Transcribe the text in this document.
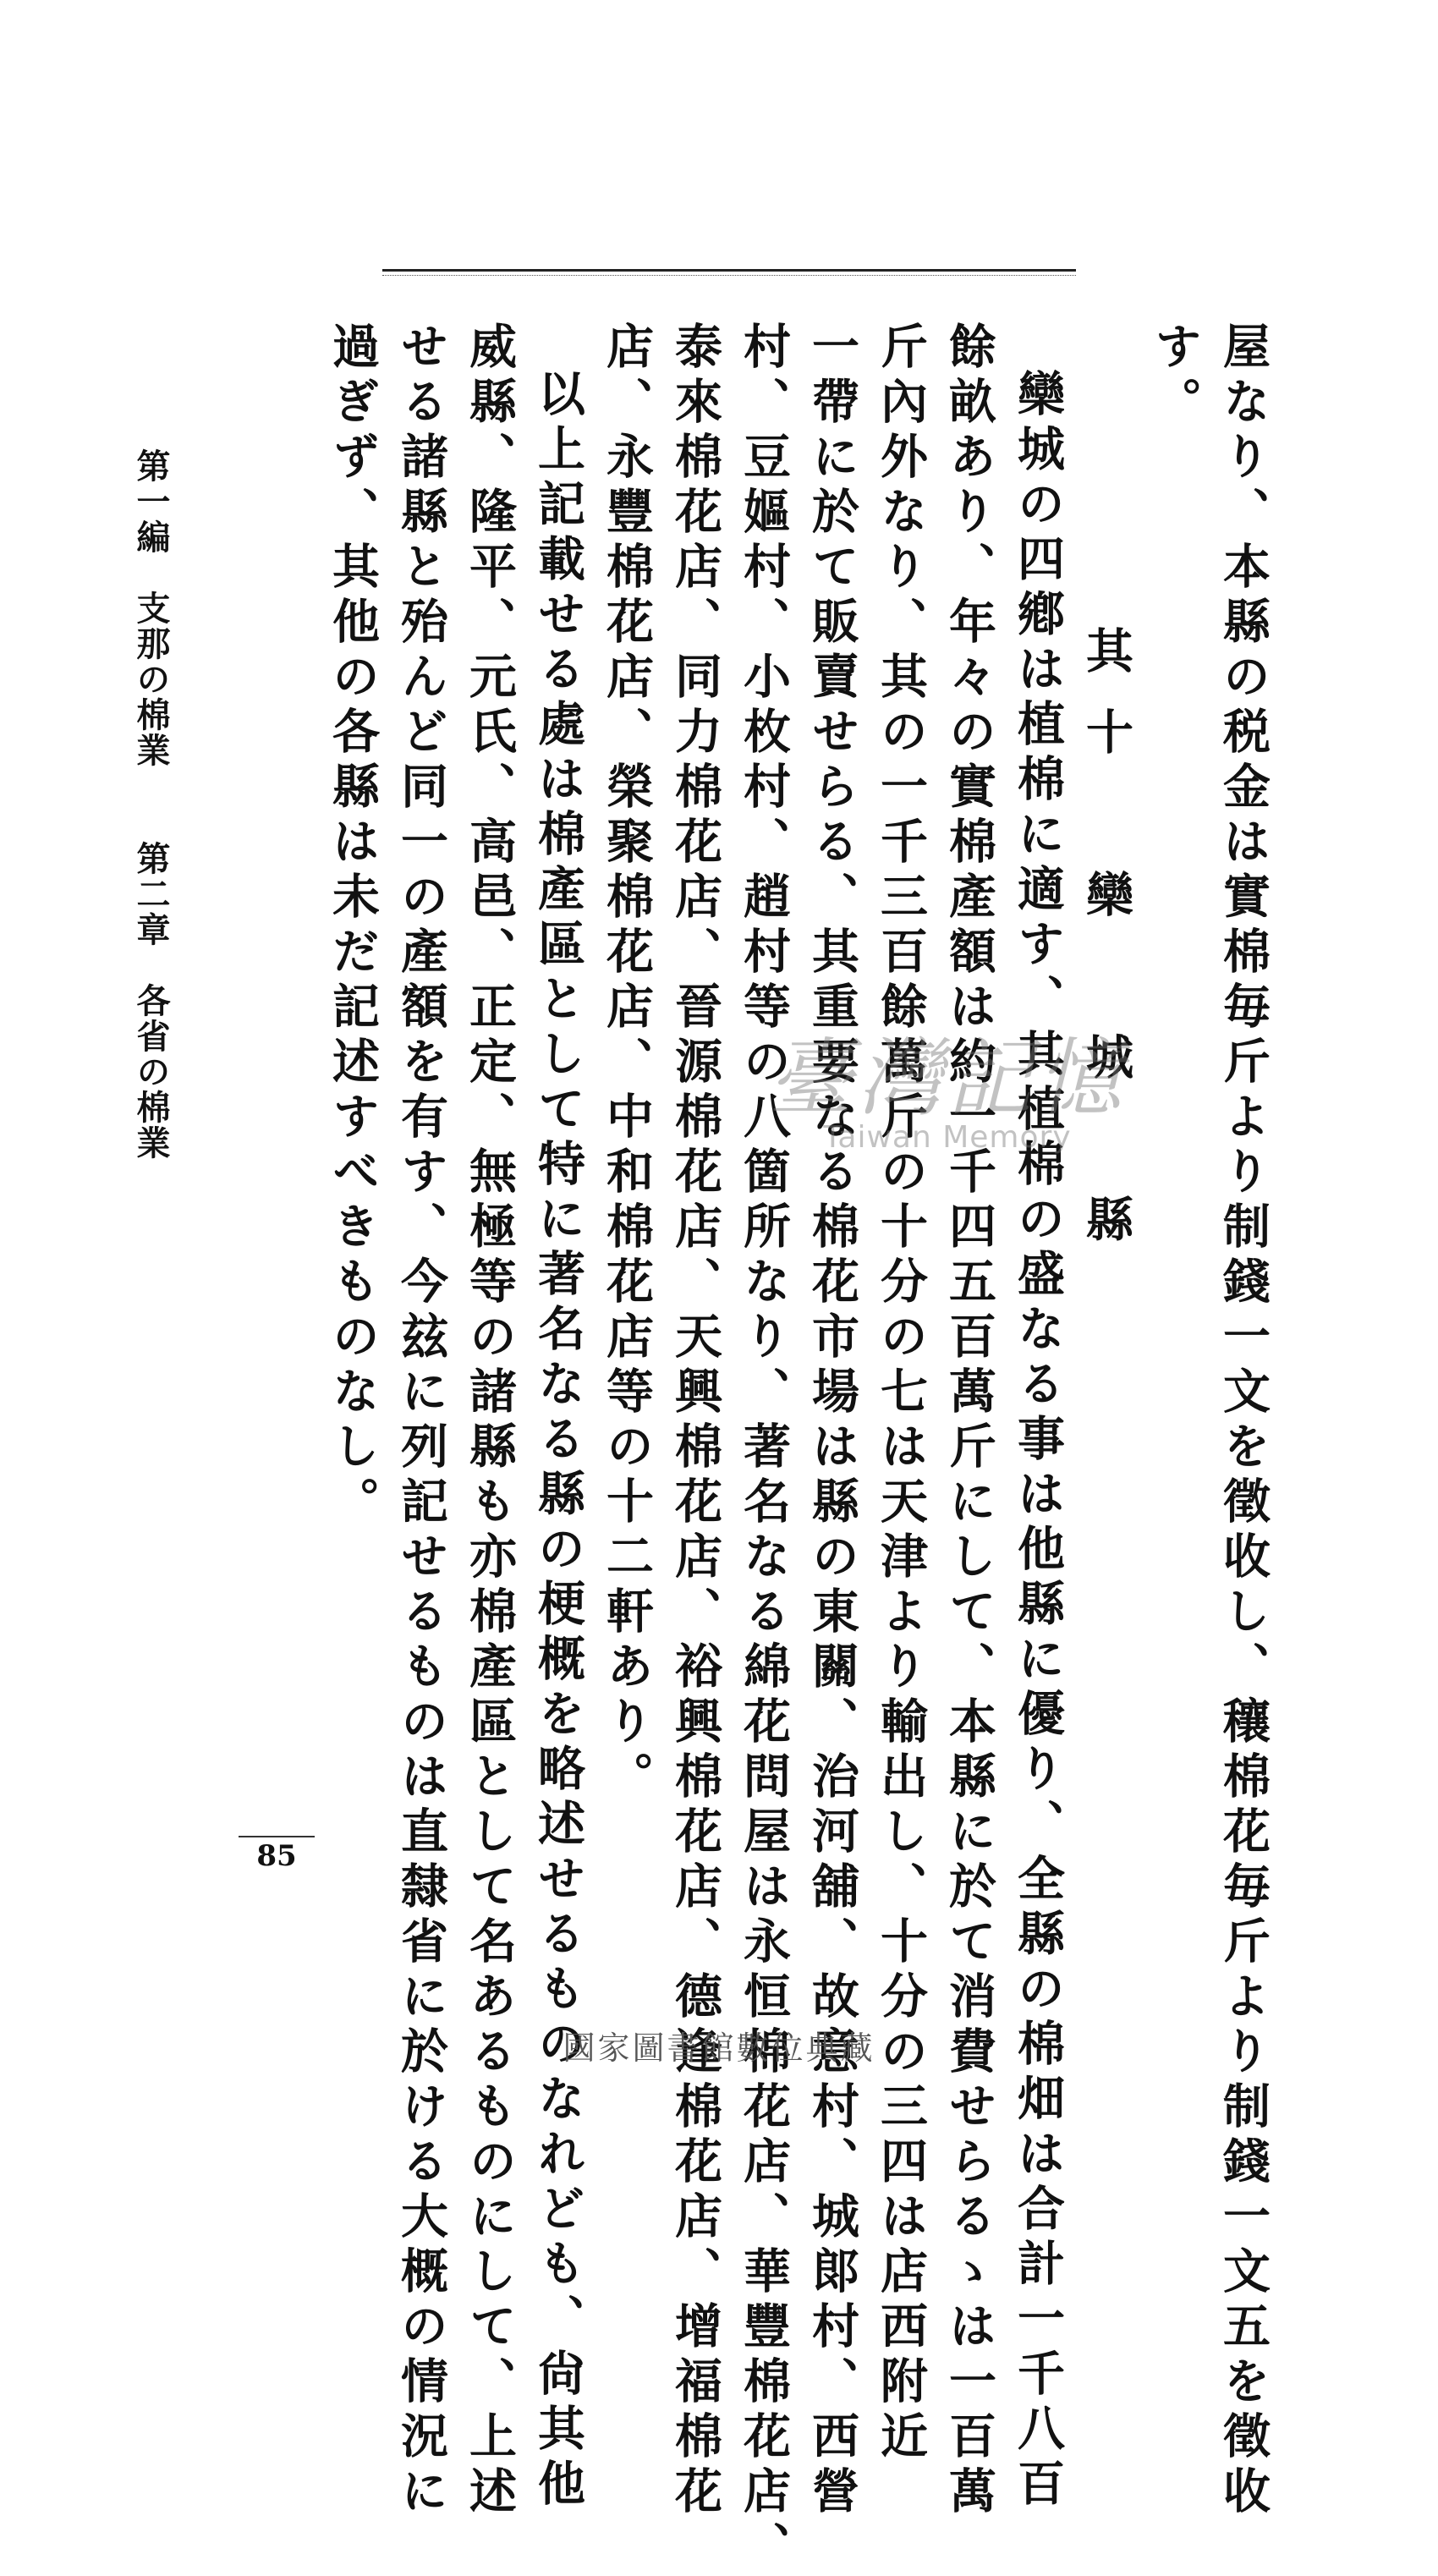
屋なり、本縣の税金は實棉毎斤より制錢一文を徵收し、穰棉花毎斤より制錢一文五を徵收

す。

其十　欒　城　縣

欒城の四鄕は植棉に適す、其植棉の盛なる事は他縣に優り、全縣の棉畑は合計一千八百

餘畝あり、年々の實棉產額は約一千四五百萬斤にして、本縣に於て消費せらるゝは一百萬

斤內外なり、其の一千三百餘萬斤の十分の七は天津より輸出し、十分の三四は店西附近

一帶に於て販賣せらる、其重要なる棉花市場は縣の東關、治河舖、故意村、城郞村、西營

村、豆嫗村、小枚村、趙村等の八箇所なり、著名なる綿花問屋は永恒棉花店、華豐棉花店、

泰來棉花店、同力棉花店、晉源棉花店、天興棉花店、裕興棉花店、德逢棉花店、增福棉花

店、永豐棉花店、榮聚棉花店、中和棉花店等の十二軒あり。

以上記載せる處は棉產區として特に著名なる縣の梗概を略述せるものなれども、尙其他

威縣、隆平、元氏、高邑、正定、無極等の諸縣も亦棉產區として名あるものにして、上述

せる諸縣と殆んど同一の產額を有す、今玆に列記せるものは直隸省に於ける大概の情況に

過ぎず、其他の各縣は未だ記述すべきものなし。

第一編　支那の棉業 第二章　各省の棉業
85
臺灣記憶
Taiwan Memory
國家圖書館數位典藏
